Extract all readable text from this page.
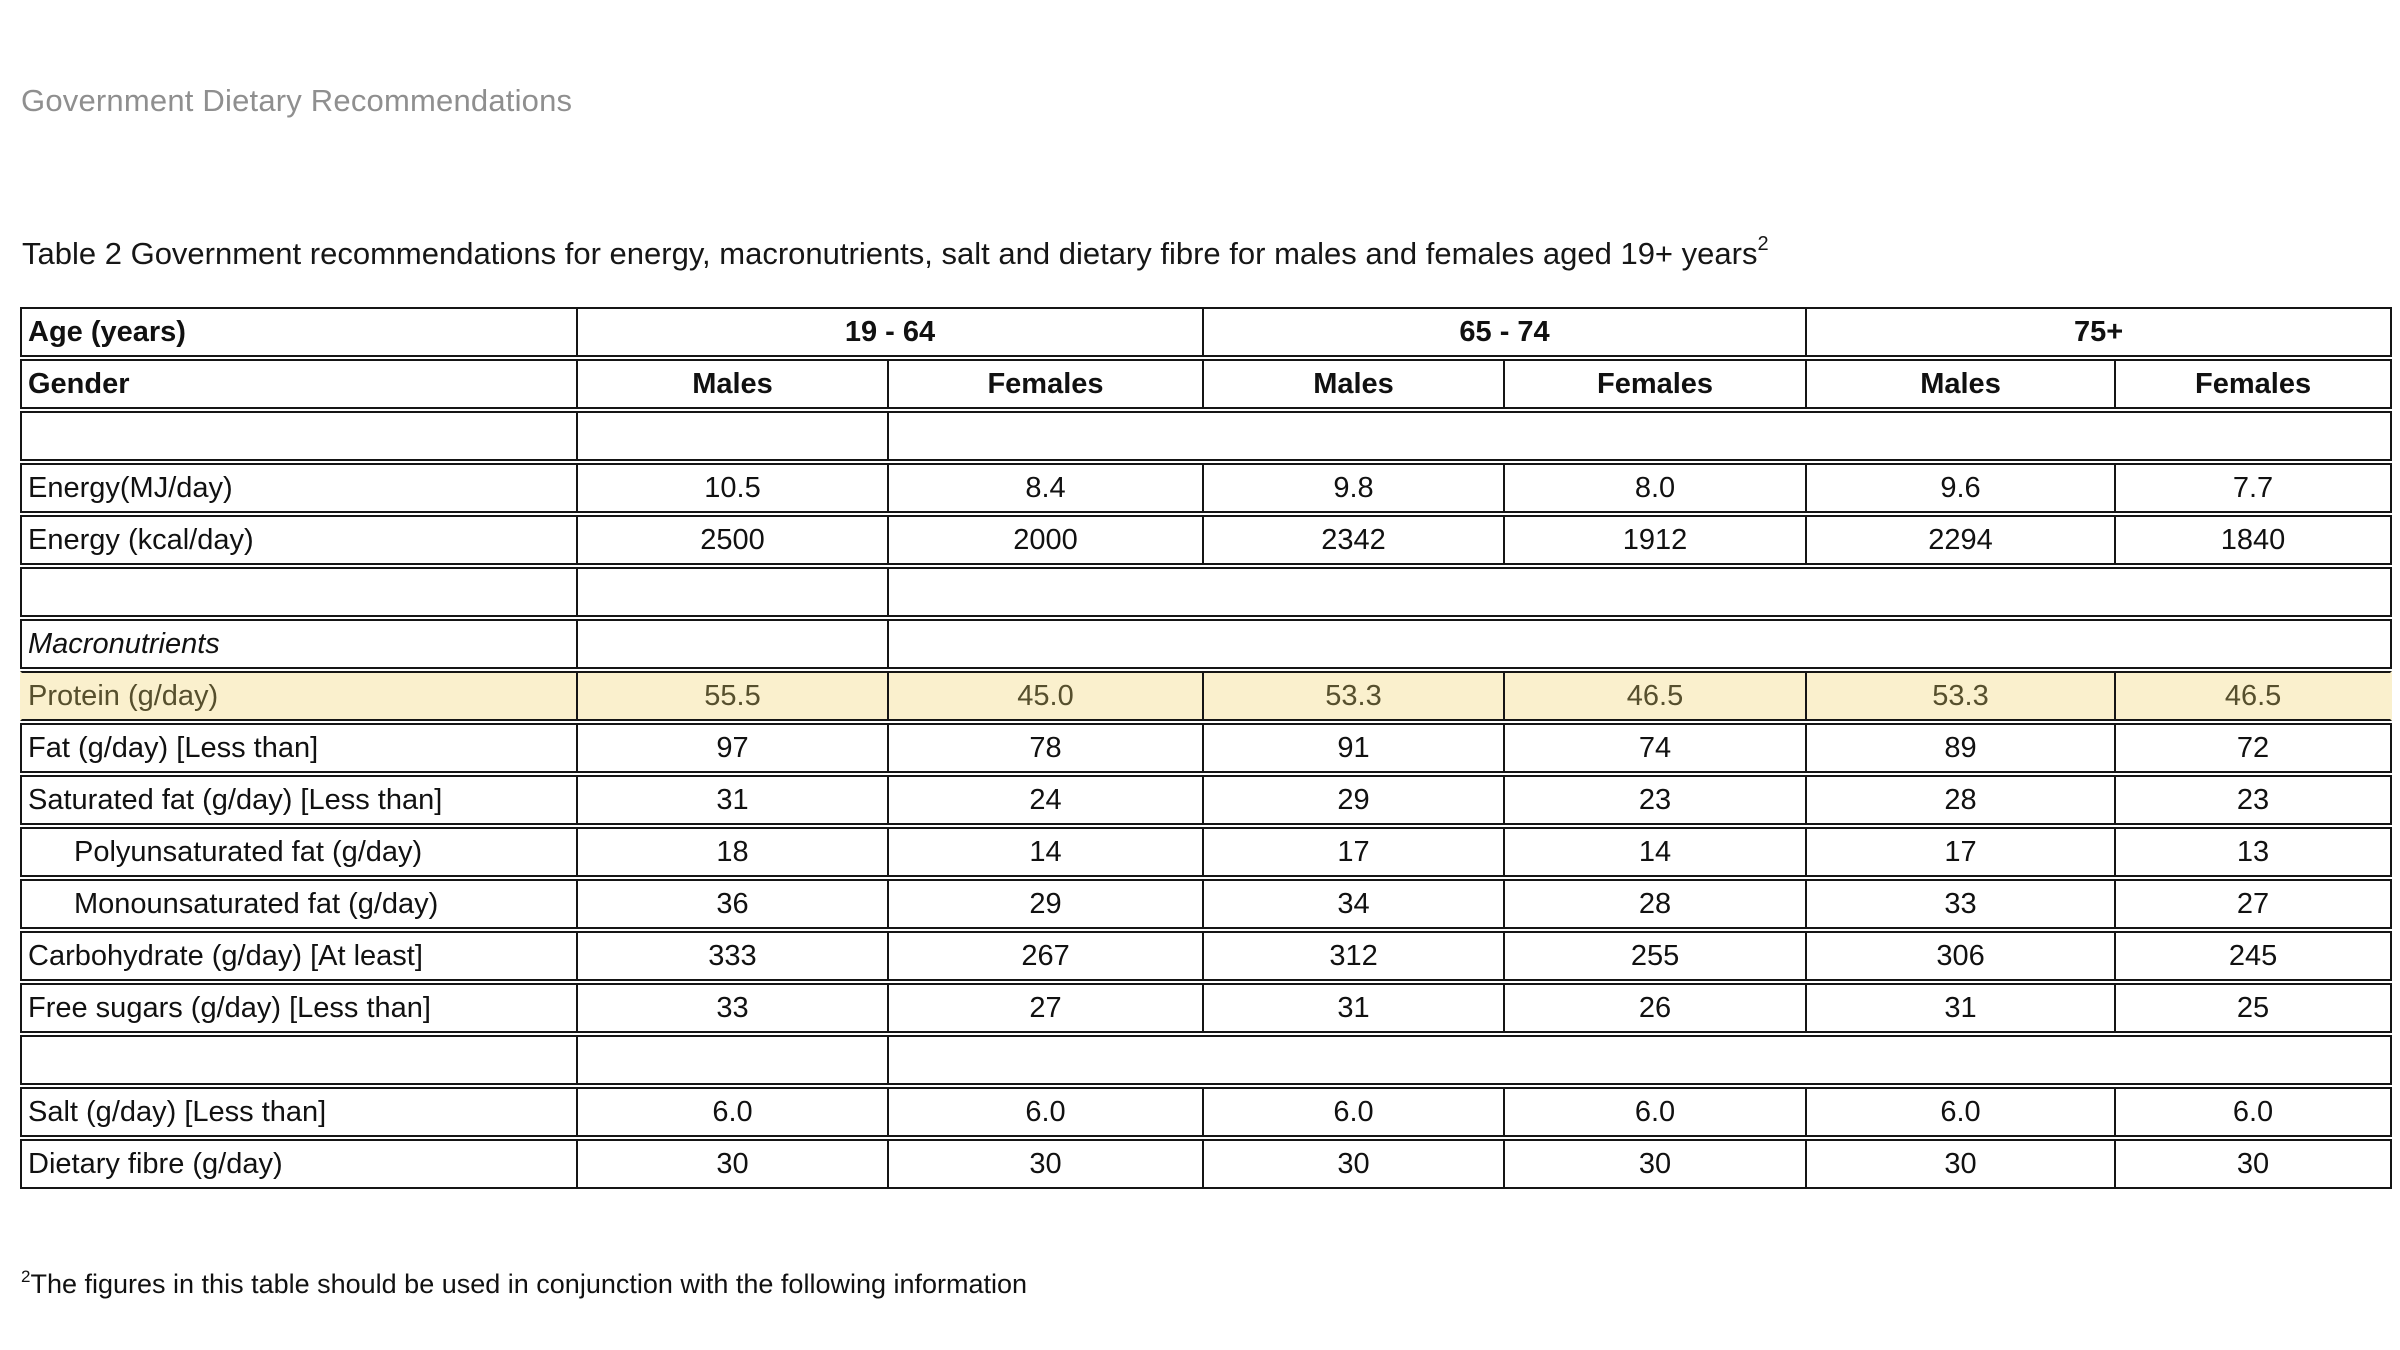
Government Dietary Recommendations
Table 2 Government recommendations for energy, macronutrients, salt and dietary fibre for males and females aged 19+ years$^2$
Age (years)	19 - 64		65 - 74		75+	
Gender	Males	Females	Males	Females	Males	Females

Energy(MJ/day)	10.5	8.4	9.8	8.0	9.6	7.7
Energy (kcal/day)	2500	2000	2342	1912	2294	1840

Macronutrients						
Protein (g/day)	55.5	45.0	53.3	46.5	53.3	46.5
Fat (g/day) [Less than]	97	78	91	74	89	72
Saturated fat (g/day) [Less than]	31	24	29	23	28	23
Polyunsaturated fat (g/day)	18	14	17	14	17	13
Monounsaturated fat (g/day)	36	29	34	28	33	27
Carbohydrate (g/day) [At least]	333	267	312	255	306	245
Free sugars (g/day) [Less than]	33	27	31	26	31	25

Salt (g/day) [Less than]	6.0	6.0	6.0	6.0	6.0	6.0
Dietary fibre (g/day)	30	30	30	30	30	30
$^2$The figures in this table should be used in conjunction with the following information
